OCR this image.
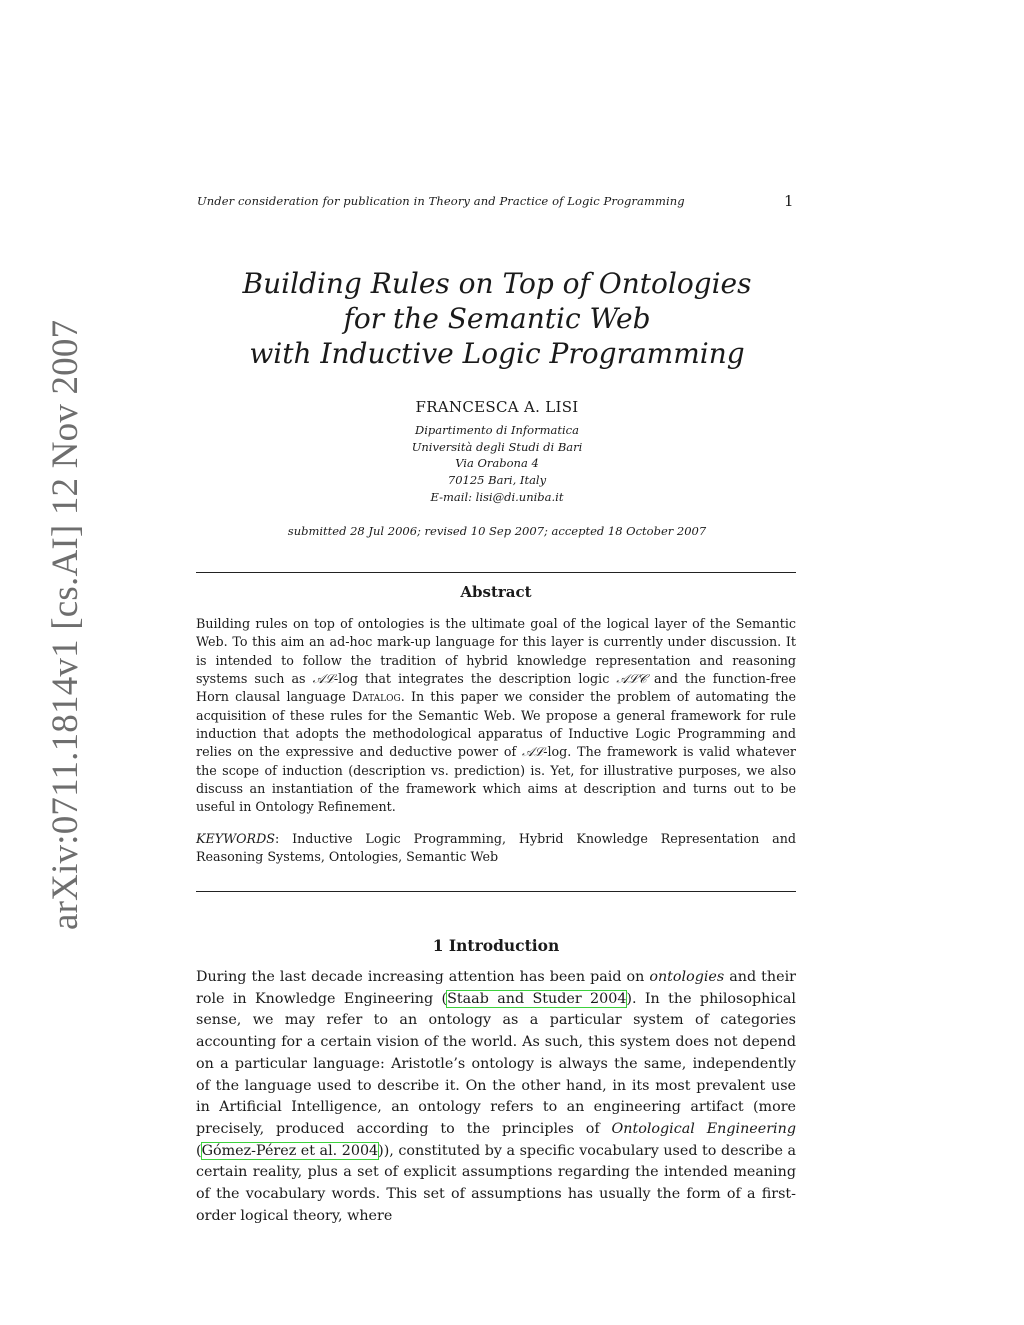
Under consideration for publication in Theory and Practice of Logic Programming	1
arXiv:0711.1814v1 [cs.AI] 12 Nov 2007
Building Rules on Top of Ontologies
for the Semantic Web
with Inductive Logic Programming
FRANCESCA A. LISI
Dipartimento di Informatica
Università degli Studi di Bari
Via Orabona 4
70125 Bari, Italy
E-mail: lisi@di.uniba.it
submitted 28 Jul 2006; revised 10 Sep 2007; accepted 18 October 2007
Abstract
Building rules on top of ontologies is the ultimate goal of the logical layer of the Semantic Web. To this aim an ad-hoc mark-up language for this layer is currently under discussion. It is intended to follow the tradition of hybrid knowledge representation and reasoning systems such as 𝒜ℒ-log that integrates the description logic 𝒜ℒ𝒞 and the function-free Horn clausal language Datalog. In this paper we consider the problem of automating the acquisition of these rules for the Semantic Web. We propose a general framework for rule induction that adopts the methodological apparatus of Inductive Logic Programming and relies on the expressive and deductive power of 𝒜ℒ-log. The framework is valid whatever the scope of induction (description vs. prediction) is. Yet, for illustrative purposes, we also discuss an instantiation of the framework which aims at description and turns out to be useful in Ontology Refinement.
KEYWORDS: Inductive Logic Programming, Hybrid Knowledge Representation and Reasoning Systems, Ontologies, Semantic Web
1 Introduction
During the last decade increasing attention has been paid on ontologies and their role in Knowledge Engineering (Staab and Studer 2004). In the philosophical sense, we may refer to an ontology as a particular system of categories accounting for a certain vision of the world. As such, this system does not depend on a particular language: Aristotle’s ontology is always the same, independently of the language used to describe it. On the other hand, in its most prevalent use in Artificial Intelligence, an ontology refers to an engineering artifact (more precisely, produced according to the principles of Ontological Engineering (Gómez-Pérez et al. 2004)), constituted by a specific vocabulary used to describe a certain reality, plus a set of explicit assumptions regarding the intended meaning of the vocabulary words. This set of assumptions has usually the form of a first-order logical theory, where
